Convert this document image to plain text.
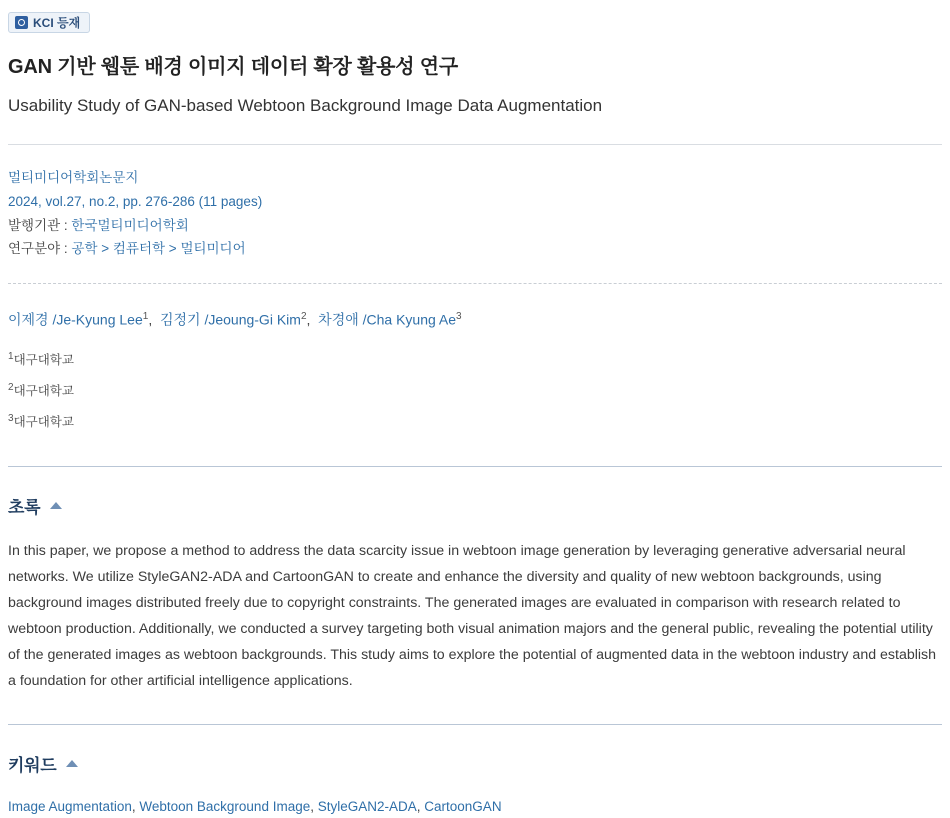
KCI 등재
GAN 기반 웹툰 배경 이미지 데이터 확장 활용성 연구
Usability Study of GAN-based Webtoon Background Image Data Augmentation
멀티미디어학회논문지
2024, vol.27, no.2, pp. 276-286 (11 pages)
발행기관 : 한국멀티미디어학회
연구분야 : 공학 > 컴퓨터학 > 멀티미디어
이제경 /Je-Kyung Lee$^1$,  김정기 /Jeoung-Gi Kim$^2$,  차경애 /Cha Kyung Ae$^3$
$^1$대구대학교
$^2$대구대학교
$^3$대구대학교
초록

In this paper, we propose a method to address the data scarcity issue in webtoon image generation by leveraging generative adversarial neural networks. We utilize StyleGAN2-ADA and CartoonGAN to create and enhance the diversity and quality of new webtoon backgrounds, using background images distributed freely due to copyright constraints. The generated images are evaluated in comparison with research related to webtoon production. Additionally, we conducted a survey targeting both visual animation majors and the general public, revealing the potential utility of the generated images as webtoon backgrounds. This study aims to explore the potential of augmented data in the webtoon industry and establish a foundation for other artificial intelligence applications.

키워드
Image Augmentation, Webtoon Background Image, StyleGAN2-ADA, CartoonGAN
